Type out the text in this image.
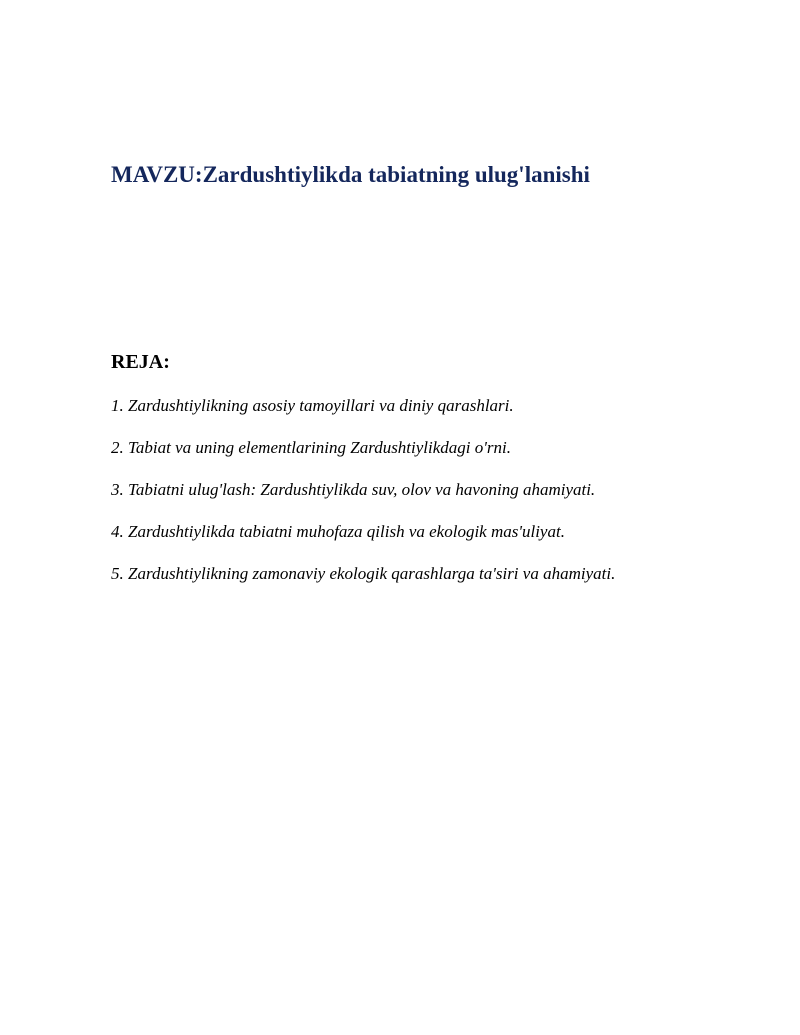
MAVZU:Zardushtiylikda tabiatning ulug'lanishi
REJA:
1. Zardushtiylikning asosiy tamoyillari va diniy qarashlari.
2. Tabiat va uning elementlarining Zardushtiylikdagi o'rni.
3. Tabiatni ulug'lash: Zardushtiylikda suv, olov va havoning ahamiyati.
4. Zardushtiylikda tabiatni muhofaza qilish va ekologik mas'uliyat.
5. Zardushtiylikning zamonaviy ekologik qarashlarga ta'siri va ahamiyati.
